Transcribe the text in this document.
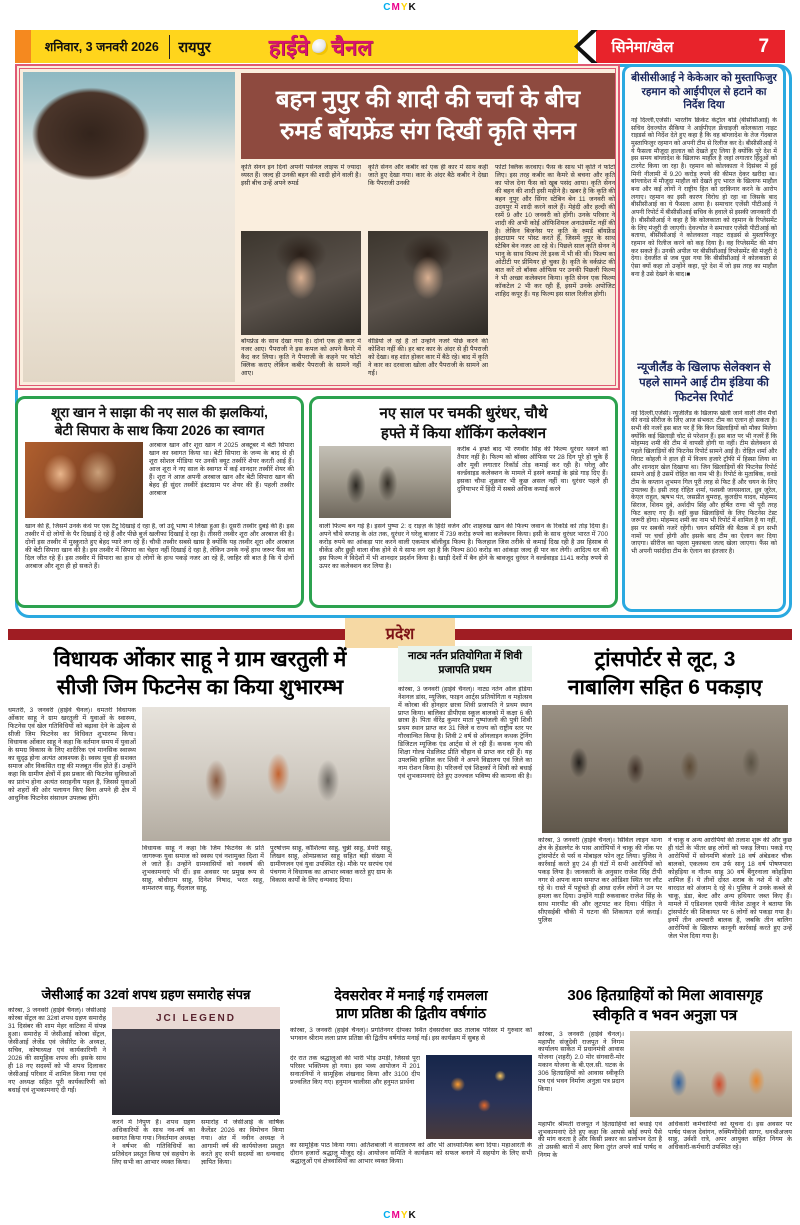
CMYK
शनिवार, 3 जनवरी 2026 रायपुर	हाईवे चैनल	सिनेमा/खेल	7
बहन नुपुर की शादी की चर्चा के बीच
रुमर्ड बॉयफ्रेंड संग दिखीं कृति सेनन
कृति सेनन इन दिनों अपनी पर्सनल लाइफ में ज्यादा व्यस्त हैं। जल्द ही उनकी बहन की शादी होने वाली है। इसी बीच उन्हें अपने रुमर्ड
बॉयफ्रेंड के साथ देखा गया है। दोनों एक ही कार में नजर आए। पैपराजी ने इस कपल को अपने कैमरे में कैद कर लिया। कृति ने पैपराजी के कहने पर फोटो क्लिक कराए लेकिन कबीर पैपराजी के सामने नहीं आए।
कृति सेनन और कबीर को एक ही कार में साथ कहीं जाते हुए देखा गया। कार के अंदर बैठे कबीर ने देखा कि पैपराजी उनकी
वीडियो ले रहे हैं तो उन्होंने नजरें पीछे करने की कोशिश नहीं की। हर बार कार के अंदर से ही पैपराजी को देखा। वह शांत होकर कार में बैठे रहे। बाद में कृति ने कार का दरवाजा खोला और पैपराजी के सामने आ गईं।
फोटो क्लिक करवाए। फैंस के साथ भी कृति ने फोटो लिए। इस तरह कबीर का कैमरे से बचना और कृति का पोज देना फैंस को खूब पसंद आया। कृति सेनन की बहन की शादी इसी महीने है। खबर है कि कृति की बहन नुपुर और सिंगर स्टेबिन बेन 11 जनवरी को उदयपुर में शादी करने वाले हैं। मेहंदी और हल्दी की रस्में 9 और 10 जनवरी को होंगी। उनके परिवार ने शादी की अभी कोई ऑफिशियल अनाउंसमेंट नहीं की है। लेकिन बिजनेस पर कृति के रुमर्ड बॉयफ्रेंड इंस्टाग्राम पर पोस्ट करते हैं, जिसमें नुपुर के साथ स्टेबिन बेन नजर आ रहे थे। पिछले साल कृति सेनन ने भानु के साथ फिल्म तेरे इश्क में भी की थी। फिल्म का ओटीटी पर प्रीमियर हो चुका है। कृति के वर्कफ्रंट की बात करें तो बॉक्स ऑफिस पर उनकी पिछली फिल्म ने भी अच्छा कलेक्शन किया। कृति सेनन एक फिल्म कॉकटेल 2 भी कर रही हैं, इसमें उनके अपोजिट शाहिद कपूर हैं। यह फिल्म इस साल रिलीज होगी।
बीसीसीआई ने केकेआर को मुस्ताफिजुर रहमान को आईपीएल से हटाने का निर्देश दिया
नई दिल्ली,एजेंसी। भारतीय क्रिकेट कंट्रोल बोर्ड (बीसीसीआई) के सचिव देवज्योत सैकिया ने आईपीएल फ्रेंचाइजी कोलकाता नाइट राइडर्स को निर्देश देते हुए कहा है कि वह बांग्लादेश के तेज गेंदबाज मुस्ताफिजुर रहमान को अपनी टीम से रिलीज कर दे। बीसीसीआई ने ये फैसला मौजूदा हालात को देखते हुए लिया है क्योंकि पूरे देश में इस समय बांग्लादेश के खिलाफ माहौल है जहां लगातार हिंदुओं को टारगेट किया जा रहा है। रहमान को कोलकाता ने दिसंबर में हुई मिनी नीलामी में 9.20 करोड़ रुपये की कीमत देकर खरीदा था। बांग्लादेश में मौजूदा माहौल को देखते हुए भारत के खिलाफ माहौल बना और कई लोगों ने राष्ट्रीय हित को दरकिनार करने के आरोप लगाए। रहमान का इसी कारण विरोध हो रहा था जिसके बाद बीसीसीआई का ये फैसला आया है। समाचार एजेंसी पीटीआई ने अपनी रिपोर्ट में बीसीसीआई सचिव के हवाले से इसकी जानकारी दी है। बीसीसीआई ने कहा है कि कोलकाता को रहमान के रिप्लेसमेंट के लिए मंजूरी दी जाएगी। देवज्योत ने समाचार एजेंसी पीटीआई को बताया, बीसीसीआई ने कोलकाता नाइट राइडर्स से मुस्ताफिजुर रहमान को रिलीज करने को कह दिया है। वह रिप्लेसमेंट की मांग कर सकते हैं। उनकी अपील पर बीसीसीआई रिप्लेसमेंट की मंजूरी दे देगा। देवजीत से जब पूछा गया कि बीसीसीआई ने कोलकाता से ऐसा क्यों कहा तो उन्होंने कहा, पूरे देश में जो इस तरह का माहौल बना है उसे देखने के बाद।■
न्यूजीलैंड के खिलाफ सेलेक्शन से पहले सामने आई टीम इंडिया की फिटनेस रिपोर्ट
नई दिल्ली,एजेंसी। न्यूजीलैंड के खिलाफ खेली जाने वाली तीन मैचों की वनडे सीरीज के लिए आज संभवत: टीम का एलान हो सकता है। सभी की नजरें इस बात पर हैं कि किन खिलाड़ियों को मौका मिलेगा क्योंकि कई खिलाड़ी चोट से परेशान हैं। इस बात पर भी नजरें हैं कि मोहम्मद शमी की टीम में वापसी होगी या नहीं। टीम सेलेक्शन से पहले खिलाड़ियों की फिटनेस रिपोर्ट सामने आई है। रोहित शर्मा और विराट कोहली ने हाल ही में विजय हजारे ट्रॉफी में हिस्सा लिया था और शानदार खेल दिखाया था। जिन खिलाड़ियों की फिटनेस रिपोर्ट सामने आई है उसमें रोहित का नाम भी है। रिपोर्ट के मुताबिक, वनडे टीम के कप्तान शुभमन गिल पूरी तरह से फिट हैं और चयन के लिए उपलब्ध हैं। इसी तरह रोहित शर्मा, यशस्वी जायसवाल, ध्रुव जुरेल, केएल राहुल, ऋषभ पंत, जसप्रीत बुमराह, कुलदीप यादव, मोहम्मद सिराज, शिवम दुबे, अर्शदीप सिंह और हर्षित राणा भी पूरी तरह फिट बताए गए हैं। वहीं कुछ खिलाड़ियों के लिए फिटनेस टेस्ट जरूरी होगा। मोहम्मद शमी का नाम भी रिपोर्ट में शामिल है या नहीं, इस पर सबकी नजरें रहेंगी। चयन समिति की बैठक में इन सभी नामों पर चर्चा होगी और इसके बाद टीम का ऐलान कर दिया जाएगा। सीरीज का पहला मुकाबला जल्द खेला जाएगा। फैंस को भी अपनी पसंदीदा टीम के ऐलान का इंतजार है।
शूरा खान ने साझा की नए साल की झलकियां,
बेटी सिपारा के साथ किया 2026 का स्वागत
अरबाज खान और शूरा खान ने 2025 अक्टूबर में बेटी सिपारा खान का स्वागत किया था। बेटी सिपारा के जन्म के बाद से ही शूरा सोशल मीडिया पर उनकी क्यूट तस्वीरें शेयर करती आई हैं। आज शूरा ने नए साल के स्वागत में कई शानदार तस्वीरें शेयर की हैं। शूरा ने आज अपनी अरबाज खान और बेटी सिपारा खान की बेहद ही सुंदर तस्वीरें इंस्टाग्राम पर शेयर की हैं। पहली तस्वीर अरबाज
खान की है, जिसमें उनके कंधे पर एक टैटू दिखाई दे रहा है, जो उर्दू भाषा में लिखा हुआ है। दूसरी तस्वीर दुबई की है। इस तस्वीर में दो लोगों के पैर दिखाई दे रहे हैं और पीछे बुर्ज खलीफा दिखाई दे रहा है। तीसरी तस्वीर शूरा और अरबाज की है। दोनों इस तस्वीर में मुस्कुराते हुए बेहद प्यारे लग रहे हैं। चौथी तस्वीर सबसे खास है क्योंकि यह तस्वीर शूरा और अरबाज की बेटी सिपारा खान की है। इस तस्वीर में सिपारा का चेहरा नहीं दिखाई दे रहा है, लेकिन उनके नन्हें हाथ जरूर फैंस का दिल जीत रहे हैं। इस तस्वीर में सिपारा का हाथ दो लोगों के हाथ पकड़े नजर आ रहे हैं, जाहिर सी बात है कि ये दोनों अरबाज और शूरा ही हो सकते हैं।
नए साल पर चमकी धुरंधर, चौथे
हफ्ते में किया शॉकिंग कलेक्शन
करीब 4 हफ्ते बाद भी रणवीर सिंह की फिल्म धुरंधर थकने को तैयार नहीं है। फिल्म को बॉक्स ऑफिस पर 28 दिन पूरे हो चुके हैं और मूवी लगातार रिकॉर्ड तोड़ कमाई कर रही है। घरेलू और वर्ल्डवाइड कलेक्शन के मामले में इसने कमाई के झंडे गाड़ दिए हैं। इसका चौथा शुक्रवार भी कुछ असल नहीं था। धुरंधर पहले ही दुनियाभर में हिंदी में सबसे अधिक कमाई करने
वाली फिल्म बन गई है। इसने पुष्पा 2: द राइज़ के हिंदी वर्जन और शाहरुख खान की फिल्म जवान के रिकॉर्ड को तोड़ दिया है। अपने चौथे सप्ताह के अंत तक, धुरंधर ने घरेलू बाजार में 739 करोड़ रुपये का कलेक्शन किया। इसी के साथ धुरंधर भारत में 700 करोड़ रुपये का आंकड़ा पार करने वाली एकमात्र बॉलीवुड फिल्म है। फिलहाल जिस तरीके से कमाई दिख रही है उस हिसाब से वीकेंड और छुट्टी वाला वीक होने से ये साफ लग रहा है कि फिल्म 800 करोड़ का आंकड़ा जल्द ही पार कर लेगी। आदित्य धर की इस फिल्म ने विदेशों में भी शानदार प्रदर्शन किया है। खाड़ी देशों में बैन होने के बावजूद धुरंधर ने वर्ल्डवाइड 1141 करोड़ रुपये से ऊपर का कलेक्शन कर लिया है।
प्रदेश
विधायक ओंकार साहू ने ग्राम खरतुली में
सीजी जिम फिटनेस का किया शुभारम्भ
धमतरी, 3 जनवरी (हाईवे चैनल)। धमतरी विधायक ओंकार साहू ने ग्राम खरतुली में युवाओं के स्वास्थ्य, फिटनेस एवं खेल गतिविधियों को बढ़ावा देने के उद्देश्य से सीजी जिम फिटनेस का विधिवत शुभारम्भ किया। विधायक ओंकार साहू ने कहा कि वर्तमान समय में युवाओं के समग्र विकास के लिए शारीरिक एवं मानसिक स्वास्थ्य का सुदृढ़ होना अत्यंत आवश्यक है। स्वस्थ युवा ही सशक्त समाज और विकसित राष्ट्र की मजबूत नींव होते हैं। उन्होंने कहा कि ग्रामीण क्षेत्रों में इस प्रकार की फिटनेस सुविधाओं का प्रारंभ होना अत्यंत सराहनीय पहल है, जिससे युवाओं को शहरों की ओर पलायन किए बिना अपने ही क्षेत्र में आधुनिक फिटनेस संसाधन उपलब्ध होंगे।
विधायक साहू ने कहा कि जिम फिटनेस के प्रति जागरूक युवा समाज को स्वस्थ एवं नशामुक्त दिशा में ले जाते हैं। उन्होंने ग्रामवासियों को नववर्ष की शुभकामनाएं भी दीं। इस अवसर पर प्रमुख रूप से साहू, बोधीराम साहू, दिनेश निषाद, भरत साहू, वामशरण साहू, गैंदलाल साहू,
पुरषोत्तम साहू, कौशिल्या साहू, चुन्नी साहू, डेयरी साहू, लिखन साहू, ओमप्रकाश साहू सहित बड़ी संख्या में ग्रामीणजन एवं युवा उपस्थित रहे। मौके पर सरपंच एवं पंचगण ने विधायक का आभार व्यक्त करते हुए ग्राम के विकास कार्यों के लिए धन्यवाद दिया।
नाट्य नर्तन प्रतियोगिता में शिवी प्रजापति प्रथम
कोरबा, 3 जनवरी (हाईवे चैनल)। नाट्य नर्तन ऑल इंडिया नेशनल डांस, म्यूजिक, फाइन आर्ट्स प्रतियोगिता व महोत्सव में कोरबा की होनहार छात्रा शिवी प्रजापति ने प्रथम स्थान प्राप्त किया। बालिका डीपीएस स्कूल बालको में कक्षा 6 की छात्रा है। पिता वीरेंद्र कुमार माता पुष्पांजली की पुत्री शिवी प्रथम स्थान प्राप्त कर 31 जिले व राज्य को राष्ट्रीय स्तर पर गौरवान्वित किया है। शिवी 2 वर्ष से ऑनलाइन कथक ट्रेनिंग डिजिटल म्यूजिक एंड आर्ट्स से ले रही हैं। कथक नृत्य की शिक्षा गोल्ड मेडलिस्ट प्रीति चौहान से प्राप्त कर रही हैं। यह उपलब्धि हासिल कर शिवी ने अपने विद्यालय एवं जिले का नाम रोशन किया है। परिजनों एवं शिक्षकों ने शिवी को बधाई एवं शुभकामनाएं देते हुए उज्ज्वल भविष्य की कामना की है।
ट्रांसपोर्टर से लूट, 3
नाबालिग सहित 6 पकड़ाए
कोरबा, 3 जनवरी (हाईवे चैनल)। सिविल लाइन थाना क्षेत्र के हेंडलगेट के पास आरोपियों ने चाकू की नोंक पर ट्रांसपोर्टर से पर्स व मोबाइल फोन लूट लिया। पुलिस ने कार्रवाई करते हुए 24 ही घंटों में सभी आरोपियों को पकड़ लिया है। जानकारी के अनुसार राजेश सिंह टीपी नगर से अपना काम समाप्त कर ओडिशा स्थित घर लौट रहे थे। रास्ते में पहुंचते ही आधा दर्जन लोगों ने उन पर हमला कर दिया। उन्होंने गाड़ी रुकवाकर राजेश सिंह के साथ मारपीट की और लूटपाट कर दिया। पीड़ित ने सीएसईबी चौकी में घटना की शिकायत दर्ज कराई। पुलिस
ने चाकू व अन्य आरोपियों की तलाश शुरू की और कुछ ही घंटों के भीतर छह लोगों को पकड़ लिया। पकड़े गए आरोपियों में सोनमणि बंजारे 18 वर्ष अंबेडकर चौक बालको, एकलव्य राय उर्फ सानू 18 वर्ष पोषणपारा कोहड़िया व गौतम साहू 30 वर्ष बैंगुरनाला कोहड़िया शामिल हैं। ये तीनों दोस्त शराब के नशे में थे और वारदात को अंजाम दे रहे थे। पुलिस ने उनके कब्जे से चाकू, डंडा, बेल्ट और अन्य हथियार जब्त किए हैं। मामले में एडिशनल एसपी नीतेश ठाकुर ने बताया कि ट्रांसपोर्टर की शिकायत पर 6 लोगों को पकड़ा गया है। इनमें तीन अपचारी बालक हैं, जबकि तीन बालिग आरोपियों के खिलाफ कानूनी कार्रवाई करते हुए उन्हें जेल भेज दिया गया है।
जेसीआई का 32वां शपथ ग्रहण समारोह संपन्न
कोरबा, 3 जनवरी (हाईवे चैनल)। जेसीआई कोरबा सेंट्रल का 32वां शपथ ग्रहण समारोह 31 दिसंबर की शाम मेहर वाटिका में संपन्न हुआ। समारोह में जेसीआई कोरबा सेंट्रल, जेसीआई लेजेंड एवं जेसीरेट के अध्यक्ष, सचिव, कोषाध्यक्ष एवं कार्यकारिणी ने 2026 की सामूहिक शपथ ली। इसके साथ ही 18 नए सदस्यों को भी शपथ दिलाकर जेसीआई परिवार में शामिल किया गया एवं नए अध्यक्ष सहित पूरी कार्यकारिणी को बधाई एवं शुभकामनाएं दी गईं।
JCI LEGEND
करने में निपुण हैं। शपथ ग्रहण अधिकारियों के साथ नव-वर्ष का स्वागत किया गया। निवर्तमान अध्यक्ष ने वर्षभर की गतिविधियों का प्रतिवेदन प्रस्तुत किया एवं सहयोग के लिए सभी का आभार व्यक्त किया।
समारोह में जेसीआई के वार्षिक कैलेंडर 2026 का विमोचन किया गया। अंत में नवीन अध्यक्ष ने आगामी वर्ष की कार्ययोजना प्रस्तुत करते हुए सभी सदस्यों का धन्यवाद ज्ञापित किया।
देवसरोवर में मनाई गई रामलला
प्राण प्रतिष्ठा की द्वितीय वर्षगांठ
कोरबा, 3 जनवरी (हाईवे चैनल)। प्रगतिनगर दीपका स्थित देवसरोवर छठ तालाब परिसर में गुरुवार को भगवान श्रीराम लला प्राण प्रतिष्ठा की द्वितीय वर्षगांठ मनाई गई। इस कार्यक्रम में सुबह से
देर रात तक श्रद्धालुओं की भारी भीड़ उमड़ी, जिससे पूरा परिसर भक्तिमय हो गया। इस भव्य आयोजन में 201 सनातनियों ने सामूहिक शंखनाद किया और 3100 दीप प्रज्वलित किए गए। हनुमान चालीसा और हनुमत प्रार्थना
का सामूहिक पाठ किया गया। अतिशबाजी ने वातावरण को और भी आध्यात्मिक बना दिया। महाआरती के दौरान हजारों श्रद्धालु मौजूद रहे। आयोजन समिति ने कार्यक्रम को सफल बनाने में सहयोग के लिए सभी श्रद्धालुओं एवं क्षेत्रवासियों का आभार व्यक्त किया।
306 हितग्राहियों को मिला आवासगृह
स्वीकृति व भवन अनुज्ञा पत्र
कोरबा, 3 जनवरी (हाईवे चैनल)। महापौर संजूदेवी राजपूत ने निगम कार्यालय साकेत में प्रधानमंत्री आवास योजना (शहरी) 2.0 मोर संगवारी-मोर मकान योजना के बी.एल.सी. घटक के 306 हितग्राहियों को आवास स्वीकृति पत्र एवं भवन निर्माण अनुज्ञा पत्र प्रदान किया।
महापौर श्रीमती राजपूत ने हितग्राहियों को बधाई एवं शुभकामनाएं देते हुए कहा कि आपसे कोई रुपये पैसे की मांग करता है और किसी प्रकार का प्रलोभन देता है तो उसकी बातों में आए बिना तुरंत अपने वार्ड पार्षद व निगम के
अधिकारी कर्मचारियों को सूचना दें। इस अवसर पर पार्षद पंकज देवांगन, रुक्मिणीदेवी सागर, धनश्रीअजय साहू, उर्वशी रात्रे, अपर आयुक्त सहित निगम के अधिकारी-कर्मचारी उपस्थित रहे।
CMYK
